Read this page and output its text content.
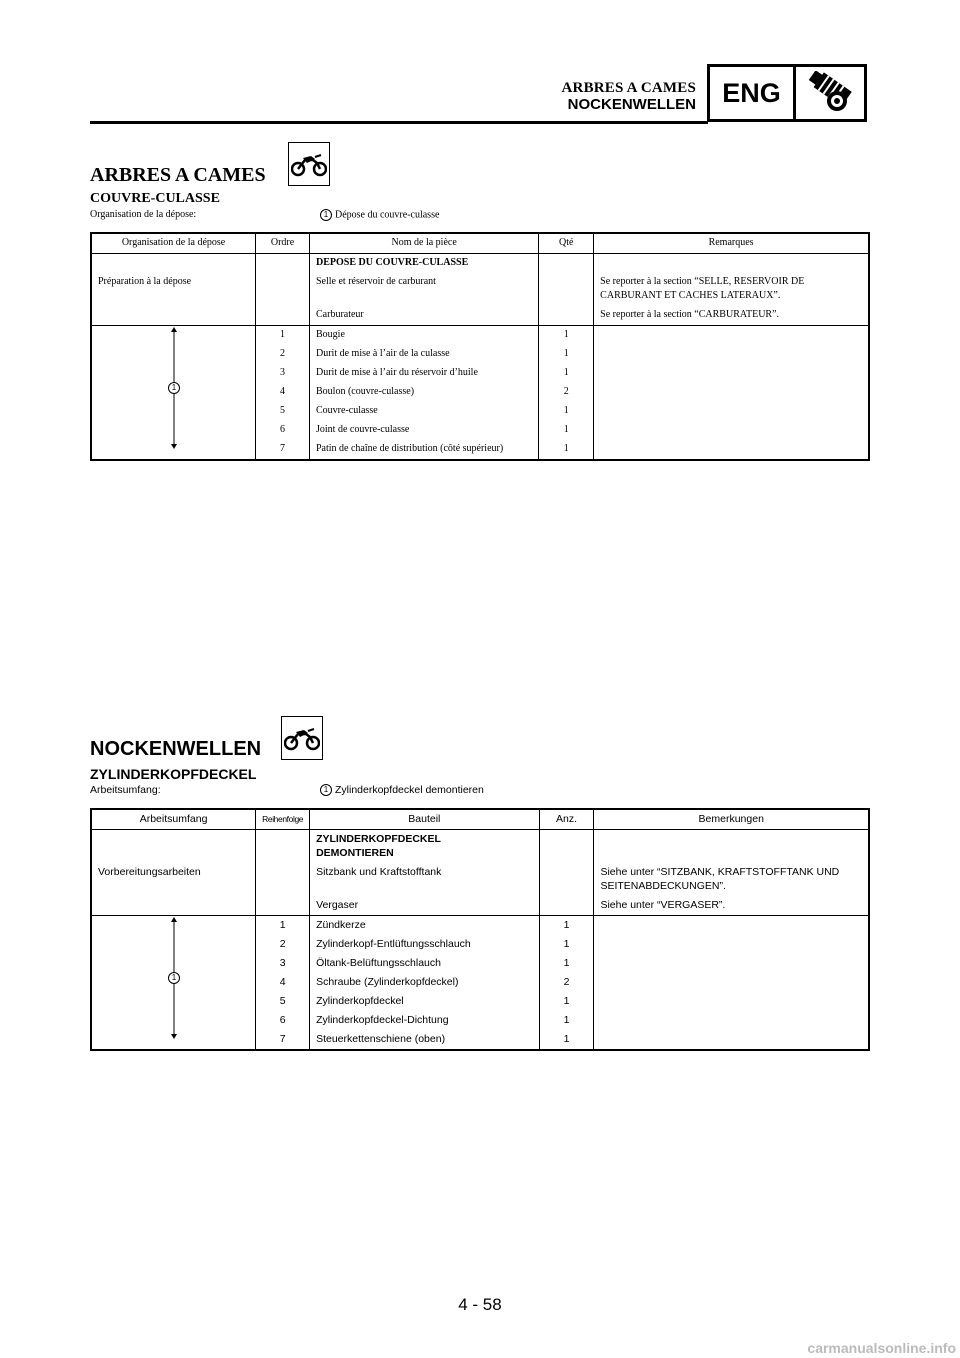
ARBRES A CAMES
NOCKENWELLEN ENG
ARBRES A CAMES
COUVRE-CULASSE
Organisation de la dépose:	1 Dépose du couvre-culasse
Organisation de la dépose	Ordre	Nom de la pièce	Qté	Remarques
		DEPOSE DU COUVRE-CULASSE		
Préparation à la dépose		Selle et réservoir de carburant		Se reporter à la section “SELLE, RESERVOIR DE CARBURANT ET CACHES LATERAUX”.
		Carburateur		Se reporter à la section “CARBURATEUR”.

1	1	Bougie	1	
	2	Durit de mise à l’air de la culasse	1	
	3	Durit de mise à l’air du réservoir d’huile	1	
	4	Boulon (couvre-culasse)	2	
	5	Couvre-culasse	1	
	6	Joint de couvre-culasse	1	
	7	Patin de chaîne de distribution (côté supérieur)	1	
NOCKENWELLEN
ZYLINDERKOPFDECKEL
Arbeitsumfang:	1 Zylinderkopfdeckel demontieren
Arbeitsumfang	Reihenfolge	Bauteil	Anz.	Bemerkungen

		ZYLINDERKOPFDECKEL DEMONTIEREN		

Vorbereitungsarbeiten		Sitzbank und Kraftstofftank		Siehe unter “SITZBANK, KRAFTSTOFFTANK UND SEITENABDECKUNGEN”.
		Vergaser		Siehe unter “VERGASER”.

1	1	Zündkerze	1	
	2	Zylinderkopf-Entlüftungsschlauch	1	
	3	Öltank-Belüftungsschlauch	1	
	4	Schraube (Zylinderkopfdeckel)	2	
	5	Zylinderkopfdeckel	1	
	6	Zylinderkopfdeckel-Dichtung	1	
	7	Steuerkettenschiene (oben)	1	
4 - 58
carmanualsonline.info
